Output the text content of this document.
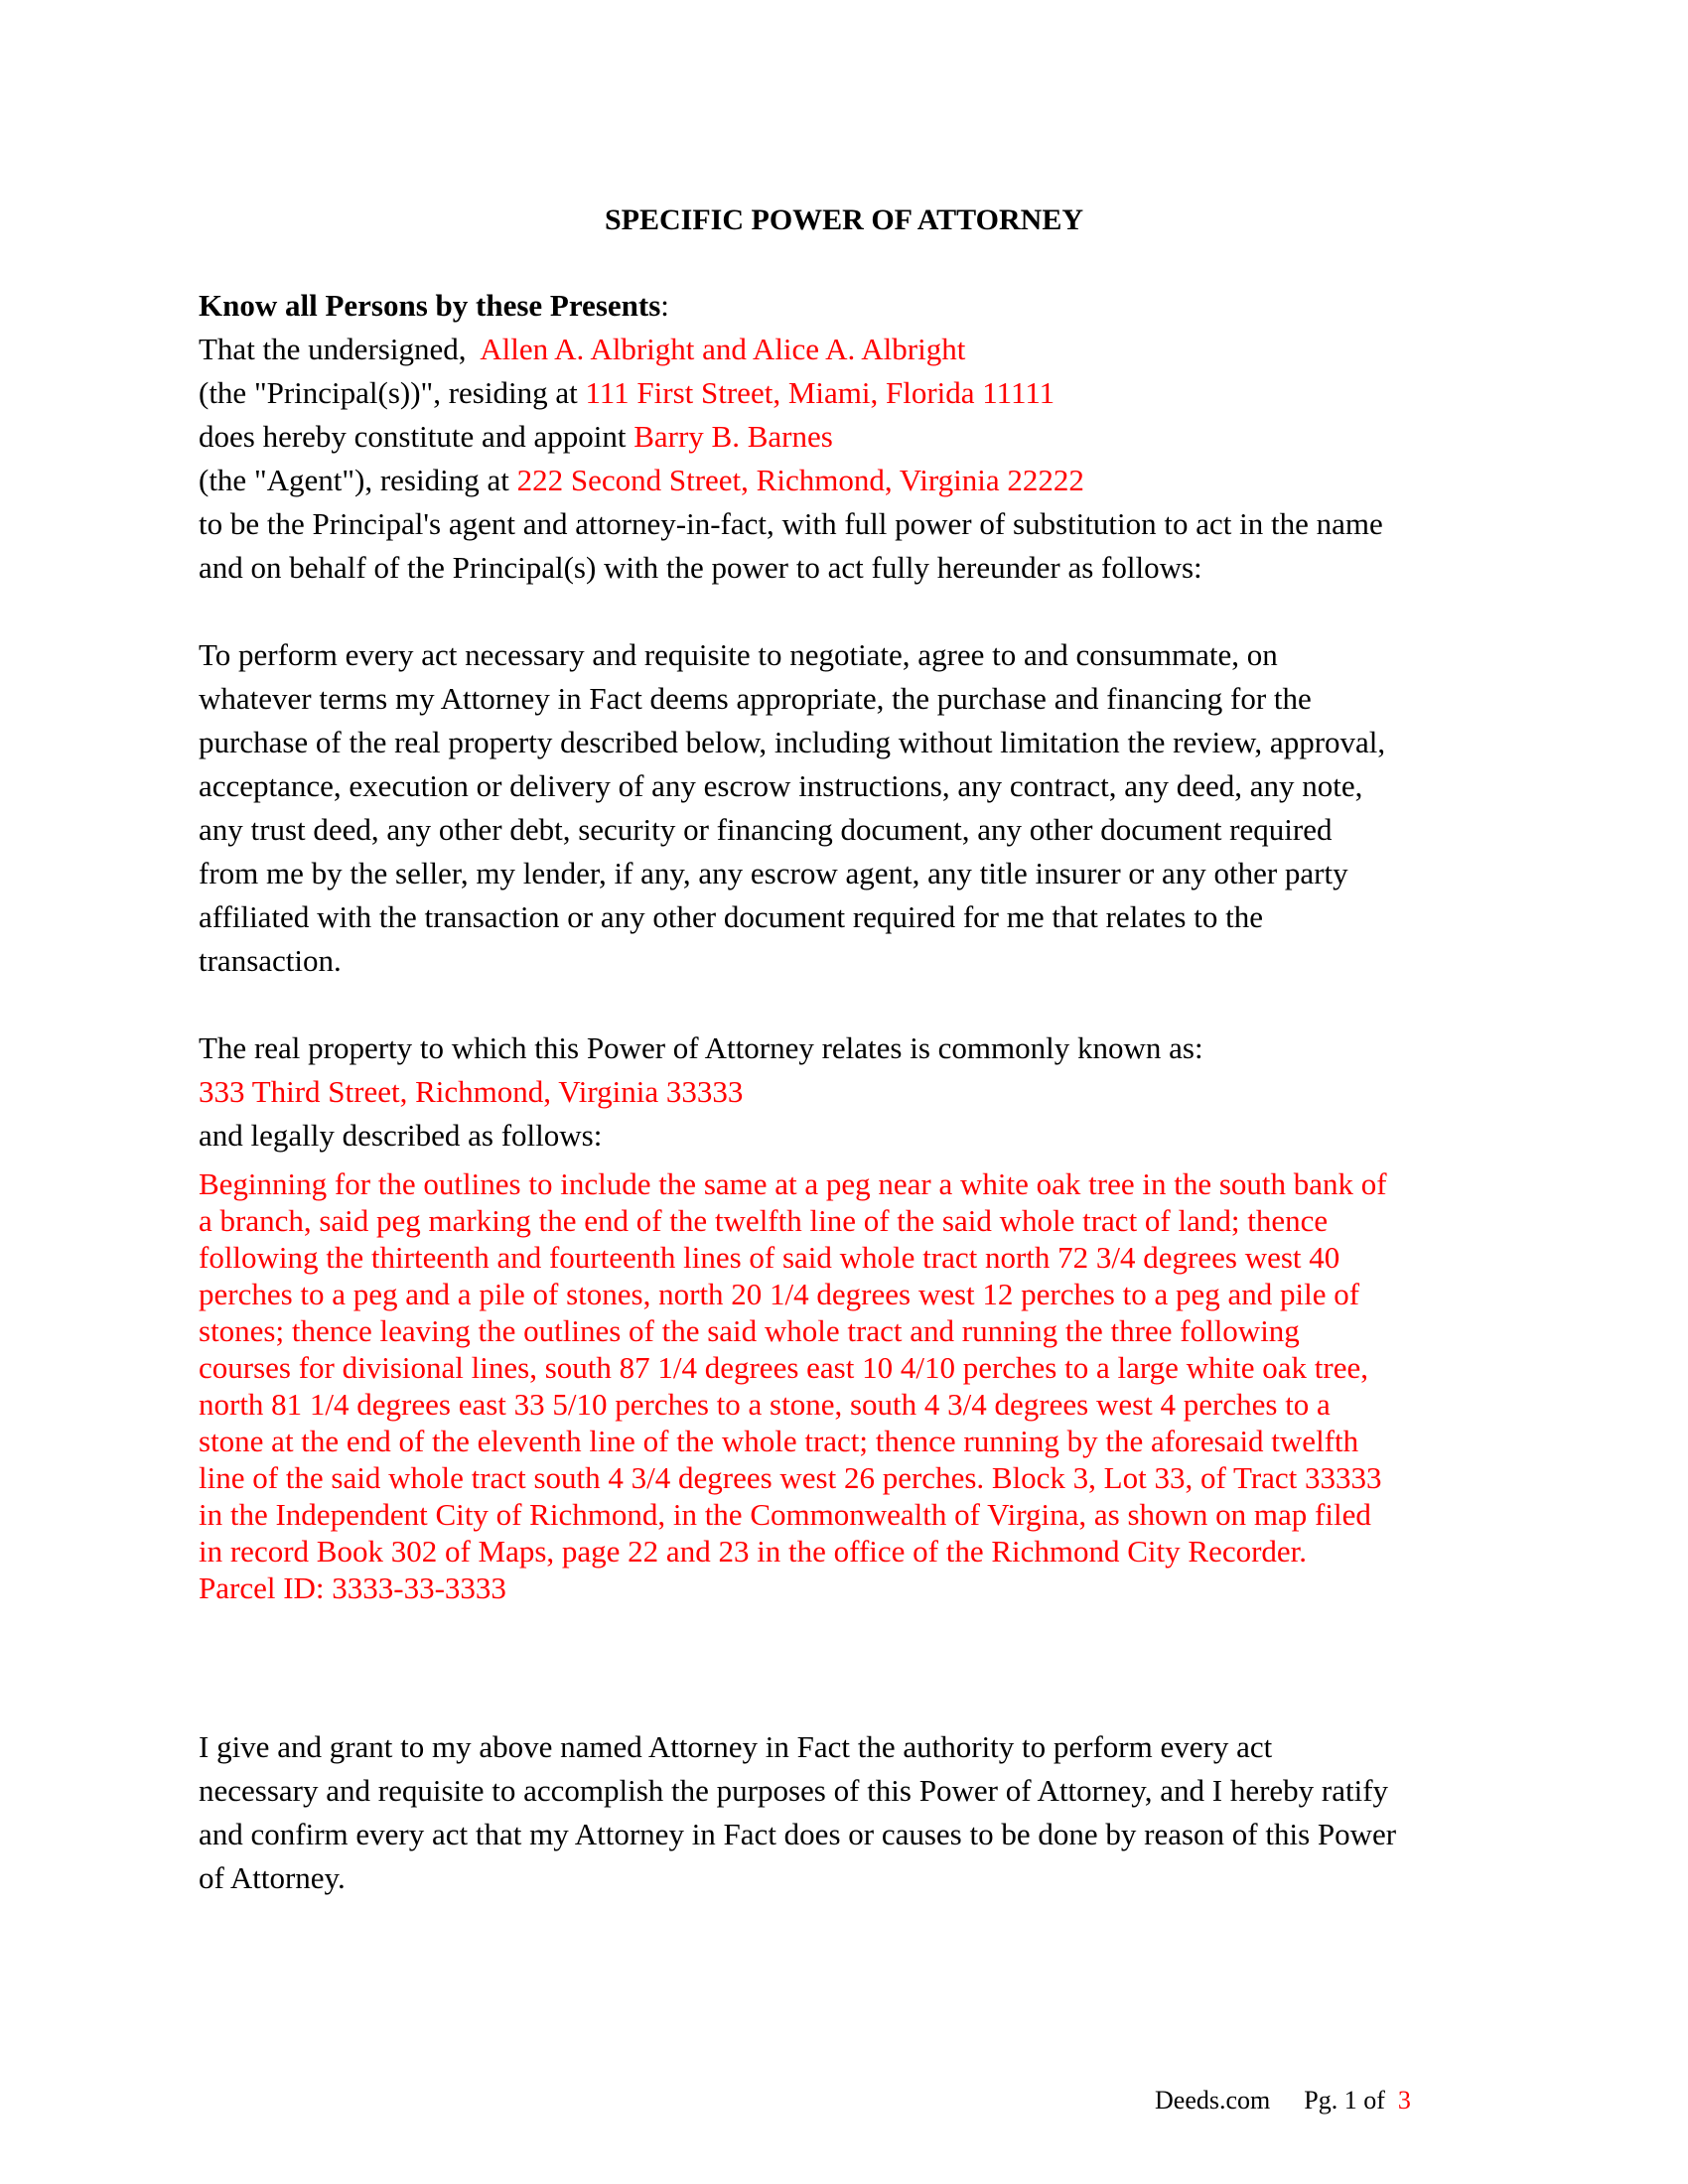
SPECIFIC POWER OF ATTORNEY
Know all Persons by these Presents:
That the undersigned, Allen A. Albright and Alice A. Albright
(the "Principal(s))", residing at 111 First Street, Miami, Florida 11111
does hereby constitute and appoint Barry B. Barnes
(the "Agent"), residing at 222 Second Street, Richmond, Virginia 22222
to be the Principal's agent and attorney-in-fact, with full power of substitution to act in the name
and on behalf of the Principal(s) with the power to act fully hereunder as follows:
To perform every act necessary and requisite to negotiate, agree to and consummate, on
whatever terms my Attorney in Fact deems appropriate, the purchase and financing for the
purchase of the real property described below, including without limitation the review, approval,
acceptance, execution or delivery of any escrow instructions, any contract, any deed, any note,
any trust deed, any other debt, security or financing document, any other document required
from me by the seller, my lender, if any, any escrow agent, any title insurer or any other party
affiliated with the transaction or any other document required for me that relates to the
transaction.
The real property to which this Power of Attorney relates is commonly known as:
333 Third Street, Richmond, Virginia 33333
and legally described as follows:
Beginning for the outlines to include the same at a peg near a white oak tree in the south bank of
a branch, said peg marking the end of the twelfth line of the said whole tract of land; thence
following the thirteenth and fourteenth lines of said whole tract north 72 3/4 degrees west 40
perches to a peg and a pile of stones, north 20 1/4 degrees west 12 perches to a peg and pile of
stones; thence leaving the outlines of the said whole tract and running the three following
courses for divisional lines, south 87 1/4 degrees east 10 4/10 perches to a large white oak tree,
north 81 1/4 degrees east 33 5/10 perches to a stone, south 4 3/4 degrees west 4 perches to a
stone at the end of the eleventh line of the whole tract; thence running by the aforesaid twelfth
line of the said whole tract south 4 3/4 degrees west 26 perches. Block 3, Lot 33, of Tract 33333
in the Independent City of Richmond, in the Commonwealth of Virgina, as shown on map filed
in record Book 302 of Maps, page 22 and 23 in the office of the Richmond City Recorder.
Parcel ID: 3333-33-3333
I give and grant to my above named Attorney in Fact the authority to perform every act
necessary and requisite to accomplish the purposes of this Power of Attorney, and I hereby ratify
and confirm every act that my Attorney in Fact does or causes to be done by reason of this Power
of Attorney.
Deeds.com Pg. 1 of 3
